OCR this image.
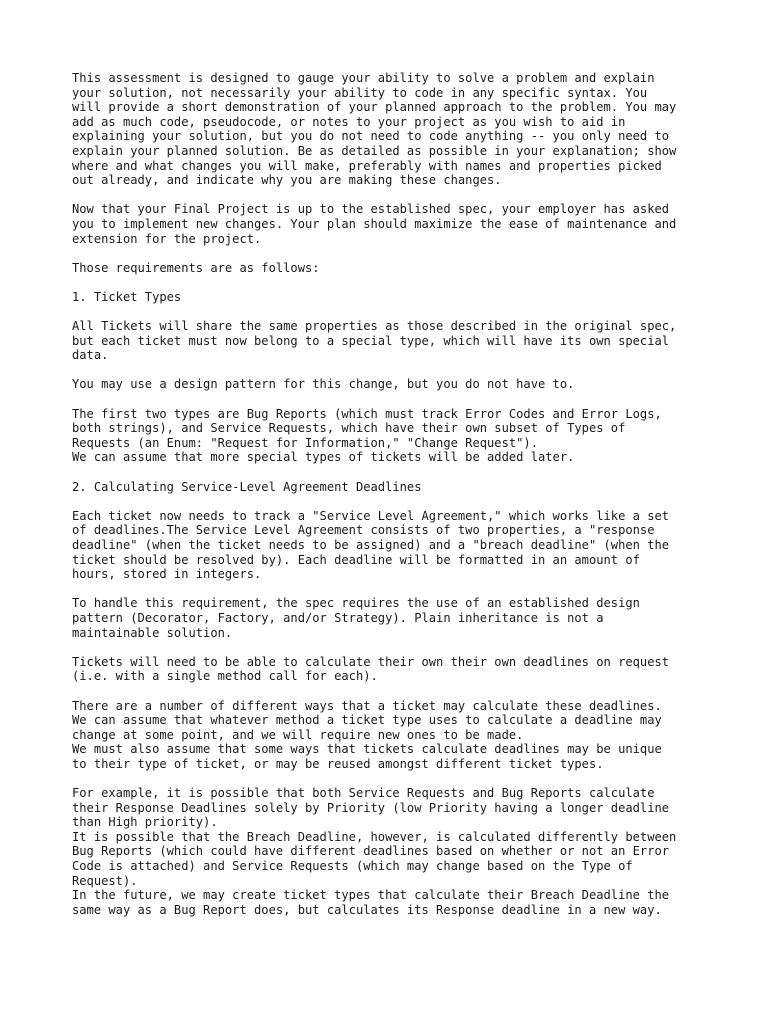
This assessment is designed to gauge your ability to solve a problem and explain
your solution, not necessarily your ability to code in any specific syntax. You
will provide a short demonstration of your planned approach to the problem. You may
add as much code, pseudocode, or notes to your project as you wish to aid in
explaining your solution, but you do not need to code anything -- you only need to
explain your planned solution. Be as detailed as possible in your explanation; show
where and what changes you will make, preferably with names and properties picked
out already, and indicate why you are making these changes.
Now that your Final Project is up to the established spec, your employer has asked
you to implement new changes. Your plan should maximize the ease of maintenance and
extension for the project.
Those requirements are as follows:
1. Ticket Types
All Tickets will share the same properties as those described in the original spec,
but each ticket must now belong to a special type, which will have its own special
data.
You may use a design pattern for this change, but you do not have to.
The first two types are Bug Reports (which must track Error Codes and Error Logs,
both strings), and Service Requests, which have their own subset of Types of
Requests (an Enum: "Request for Information," "Change Request").
We can assume that more special types of tickets will be added later.
2. Calculating Service-Level Agreement Deadlines
Each ticket now needs to track a "Service Level Agreement," which works like a set
of deadlines.The Service Level Agreement consists of two properties, a "response
deadline" (when the ticket needs to be assigned) and a "breach deadline" (when the
ticket should be resolved by). Each deadline will be formatted in an amount of
hours, stored in integers.
To handle this requirement, the spec requires the use of an established design
pattern (Decorator, Factory, and/or Strategy). Plain inheritance is not a
maintainable solution.
Tickets will need to be able to calculate their own their own deadlines on request
(i.e. with a single method call for each).
There are a number of different ways that a ticket may calculate these deadlines.
We can assume that whatever method a ticket type uses to calculate a deadline may
change at some point, and we will require new ones to be made.
We must also assume that some ways that tickets calculate deadlines may be unique
to their type of ticket, or may be reused amongst different ticket types.
For example, it is possible that both Service Requests and Bug Reports calculate
their Response Deadlines solely by Priority (low Priority having a longer deadline
than High priority).
It is possible that the Breach Deadline, however, is calculated differently between
Bug Reports (which could have different deadlines based on whether or not an Error
Code is attached) and Service Requests (which may change based on the Type of
Request).
In the future, we may create ticket types that calculate their Breach Deadline the
same way as a Bug Report does, but calculates its Response deadline in a new way.
